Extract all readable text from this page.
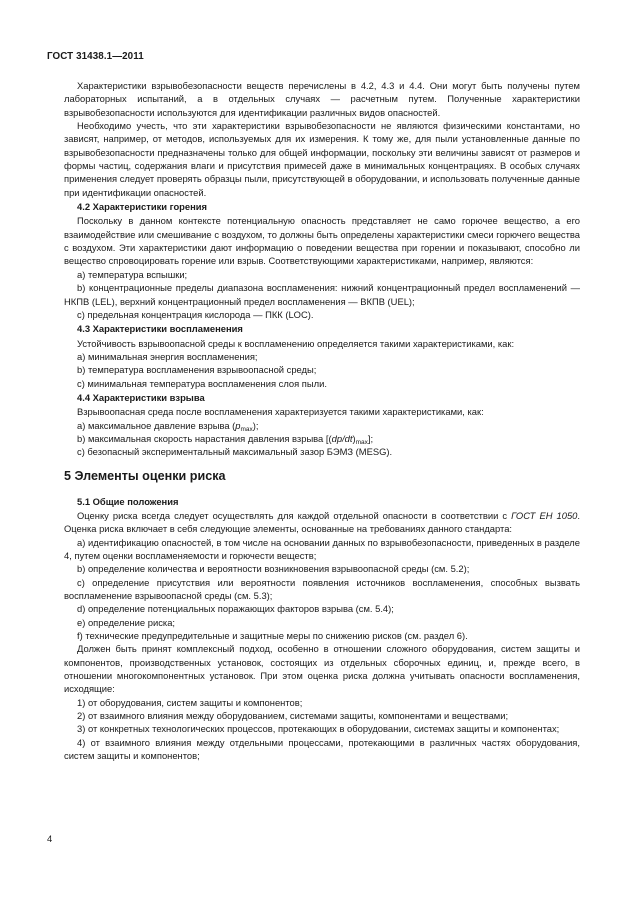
ГОСТ 31438.1—2011

Характеристики взрывобезопасности веществ перечислены в 4.2, 4.3 и 4.4. Они могут быть получены путем лабораторных испытаний, а в отдельных случаях — расчетным путем. Полученные характеристики взрывобезопасности используются для идентификации различных видов опасностей.

Необходимо учесть, что эти характеристики взрывобезопасности не являются физическими константами, но зависят, например, от методов, используемых для их измерения. К тому же, для пыли установленные данные по взрывобезопасности предназначены только для общей информации, поскольку эти величины зависят от размеров и формы частиц, содержания влаги и присутствия примесей даже в минимальных концентрациях. В особых случаях применения следует проверять образцы пыли, присутствующей в оборудовании, и использовать полученные данные при идентификации опасностей.

4.2 Характеристики горения

Поскольку в данном контексте потенциальную опасность представляет не само горючее вещество, а его взаимодействие или смешивание с воздухом, то должны быть определены характеристики смеси горючего вещества с воздухом. Эти характеристики дают информацию о поведении вещества при горении и показывают, способно ли вещество спровоцировать горение или взрыв. Соответствующими характеристиками, например, являются:

а) температура вспышки;

b) концентрационные пределы диапазона воспламенения: нижний концентрационный предел воспламенений — НКПВ (LEL), верхний концентрационный предел воспламенения — ВКПВ (UEL);

с) предельная концентрация кислорода — ПКК (LOC).

4.3 Характеристики воспламенения

Устойчивость взрывоопасной среды к воспламенению определяется такими характеристиками, как:

а) минимальная энергия воспламенения;

b) температура воспламенения взрывоопасной среды;

с) минимальная температура воспламенения слоя пыли.

4.4 Характеристики взрыва

Взрывоопасная среда после воспламенения характеризуется такими характеристиками, как:

а) максимальное давление взрыва $(p_{max})$;

b) максимальная скорость нарастания давления взрыва $[(dp/dt)_{max}]$;

с) безопасный экспериментальный максимальный зазор БЭМЗ (MESG).

5 Элементы оценки риска
5.1 Общие положения

Оценку риска всегда следует осуществлять для каждой отдельной опасности в соответствии с ГОСТ ЕН 1050. Оценка риска включает в себя следующие элементы, основанные на требованиях данного стандарта:

а) идентификацию опасностей, в том числе на основании данных по взрывобезопасности, приведенных в разделе 4, путем оценки воспламеняемости и горючести веществ;

b) определение количества и вероятности возникновения взрывоопасной среды (см. 5.2);

с) определение присутствия или вероятности появления источников воспламенения, способных вызвать воспламенение взрывоопасной среды (см. 5.3);

d) определение потенциальных поражающих факторов взрыва (см. 5.4);

е) определение риска;

f) технические предупредительные и защитные меры по снижению рисков (см. раздел 6).

Должен быть принят комплексный подход, особенно в отношении сложного оборудования, систем защиты и компонентов, производственных установок, состоящих из отдельных сборочных единиц, и, прежде всего, в отношении многокомпонентных установок. При этом оценка риска должна учитывать опасности воспламенения, исходящие:

1) от оборудования, систем защиты и компонентов;

2) от взаимного влияния между оборудованием, системами защиты, компонентами и веществами;

3) от конкретных технологических процессов, протекающих в оборудовании, системах защиты и компонентах;

4) от взаимного влияния между отдельными процессами, протекающими в различных частях оборудования, систем защиты и компонентов;

4
